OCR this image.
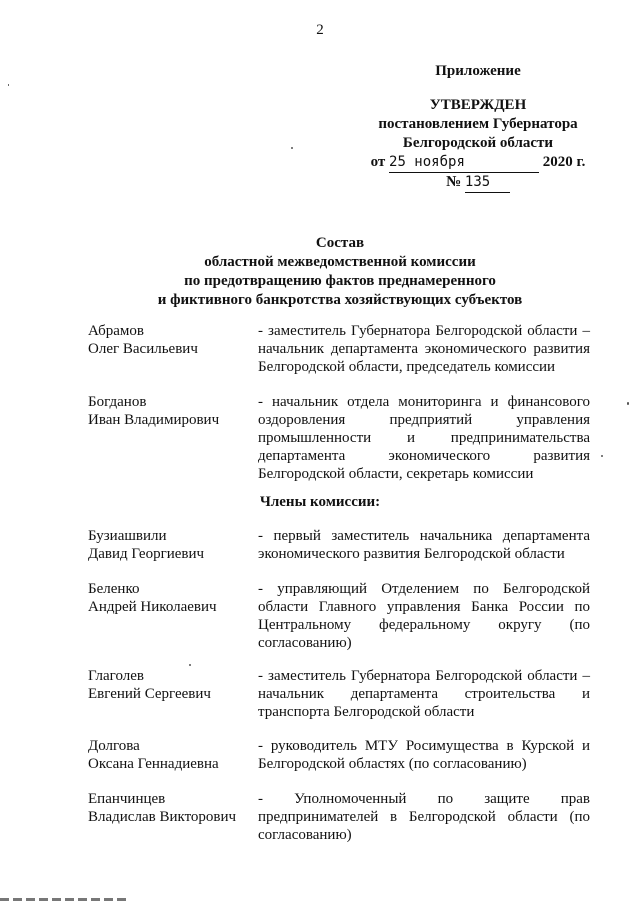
2
Приложение
УТВЕРЖДЕН
постановлением Губернатора
Белгородской области
от 25 ноября	2020 г.
№ 135
Состав
областной межведомственной комиссии
по предотвращению фактов преднамеренного
и фиктивного банкротства хозяйствующих субъектов
Абрамов
Олег Васильевич
- заместитель Губернатора Белгородской области – начальник департамента экономического развития Белгородской области, председатель комиссии
Богданов
Иван Владимирович
- начальник отдела мониторинга и финансового оздоровления предприятий управления промышленности и предпринимательства департамента экономического развития Белгородской области, секретарь комиссии
Члены комиссии:
Бузиашвили
Давид Георгиевич
- первый заместитель начальника департамента экономического развития Белгородской области
Беленко
Андрей Николаевич
- управляющий Отделением по Белгородской области Главного управления Банка России по Центральному федеральному округу (по согласованию)
Глаголев
Евгений Сергеевич
- заместитель Губернатора Белгородской области – начальник департамента строительства и транспорта Белгородской области
Долгова
Оксана Геннадиевна
- руководитель МТУ Росимущества в Курской и Белгородской областях (по согласованию)
Епанчинцев
Владислав Викторович
- Уполномоченный по защите прав предпринимателей в Белгородской области (по согласованию)
